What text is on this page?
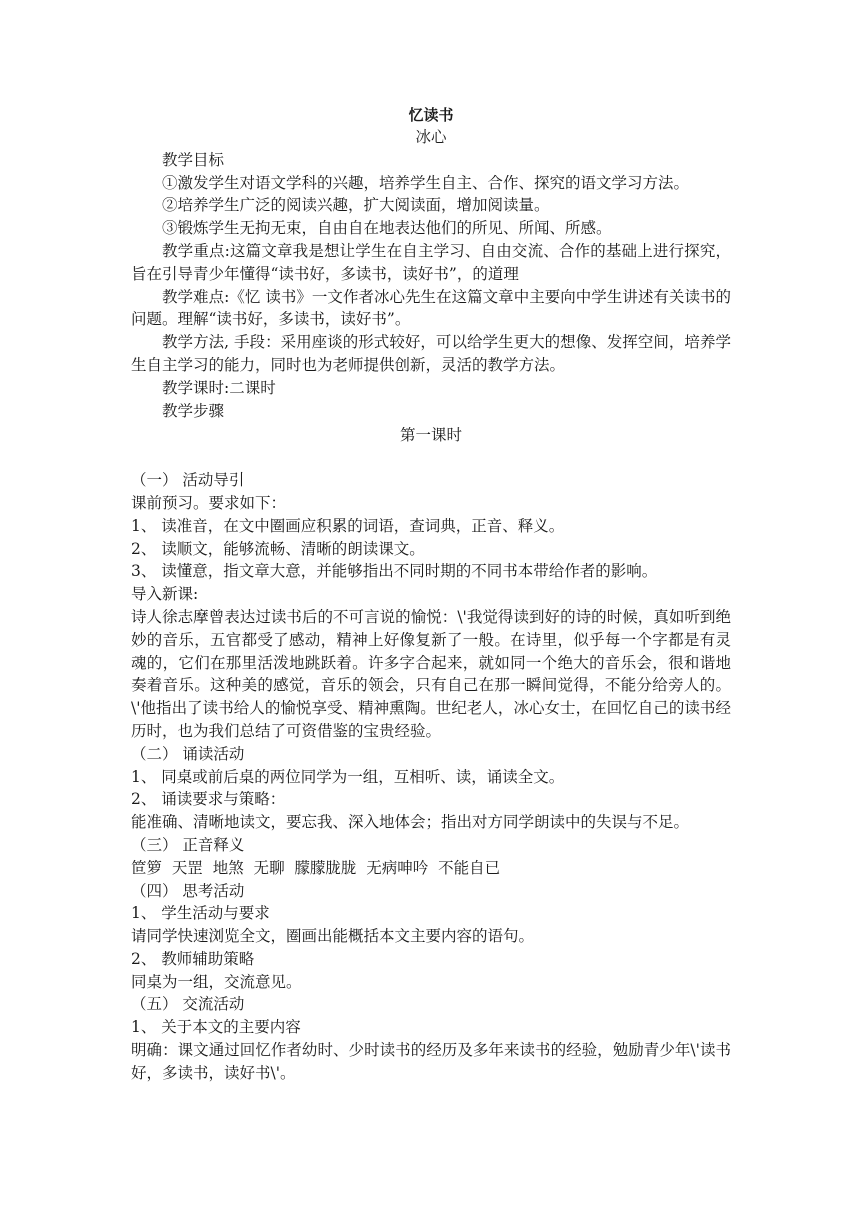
忆读书

冰心

教学目标

①激发学生对语文学科的兴趣，培养学生自主、合作、探究的语文学习方法。

②培养学生广泛的阅读兴趣，扩大阅读面，增加阅读量。

③锻炼学生无拘无束，自由自在地表达他们的所见、所闻、所感。

教学重点:这篇文章我是想让学生在自主学习、自由交流、合作的基础上进行探究，旨在引导青少年懂得“读书好，多读书，读好书”，的道理

教学难点:《忆 读书》一文作者冰心先生在这篇文章中主要向中学生讲述有关读书的问题。理解“读书好，多读书，读好书”。

教学方法, 手段：采用座谈的形式较好，可以给学生更大的想像、发挥空间，培养学生自主学习的能力，同时也为老师提供创新，灵活的教学方法。

教学课时:二课时

教学步骤

第一课时

（一） 活动导引

课前预习。要求如下：

1、 读准音，在文中圈画应积累的词语，查词典，正音、释义。

2、 读顺文，能够流畅、清晰的朗读课文。

3、 读懂意，指文章大意，并能够指出不同时期的不同书本带给作者的影响。

导入新课:

诗人徐志摩曾表达过读书后的不可言说的愉悦：\'我觉得读到好的诗的时候，真如听到绝妙的音乐，五官都受了感动，精神上好像复新了一般。在诗里，似乎每一个字都是有灵魂的，它们在那里活泼地跳跃着。许多字合起来，就如同一个绝大的音乐会，很和谐地奏着音乐。这种美的感觉，音乐的领会，只有自己在那一瞬间觉得，不能分给旁人的。\'他指出了读书给人的愉悦享受、精神熏陶。世纪老人，冰心女士，在回忆自己的读书经历时，也为我们总结了可资借鉴的宝贵经验。

（二） 诵读活动

1、 同桌或前后桌的两位同学为一组，互相听、读，诵读全文。

2、 诵读要求与策略：

能准确、清晰地读文，要忘我、深入地体会；指出对方同学朗读中的失误与不足。

（三） 正音释义

笸箩  天罡  地煞  无聊  朦朦胧胧  无病呻吟  不能自已

（四） 思考活动

1、 学生活动与要求

请同学快速浏览全文，圈画出能概括本文主要内容的语句。

2、 教师辅助策略

同桌为一组，交流意见。

（五） 交流活动

1、 关于本文的主要内容

明确：课文通过回忆作者幼时、少时读书的经历及多年来读书的经验，勉励青少年\'读书好，多读书，读好书\'。
